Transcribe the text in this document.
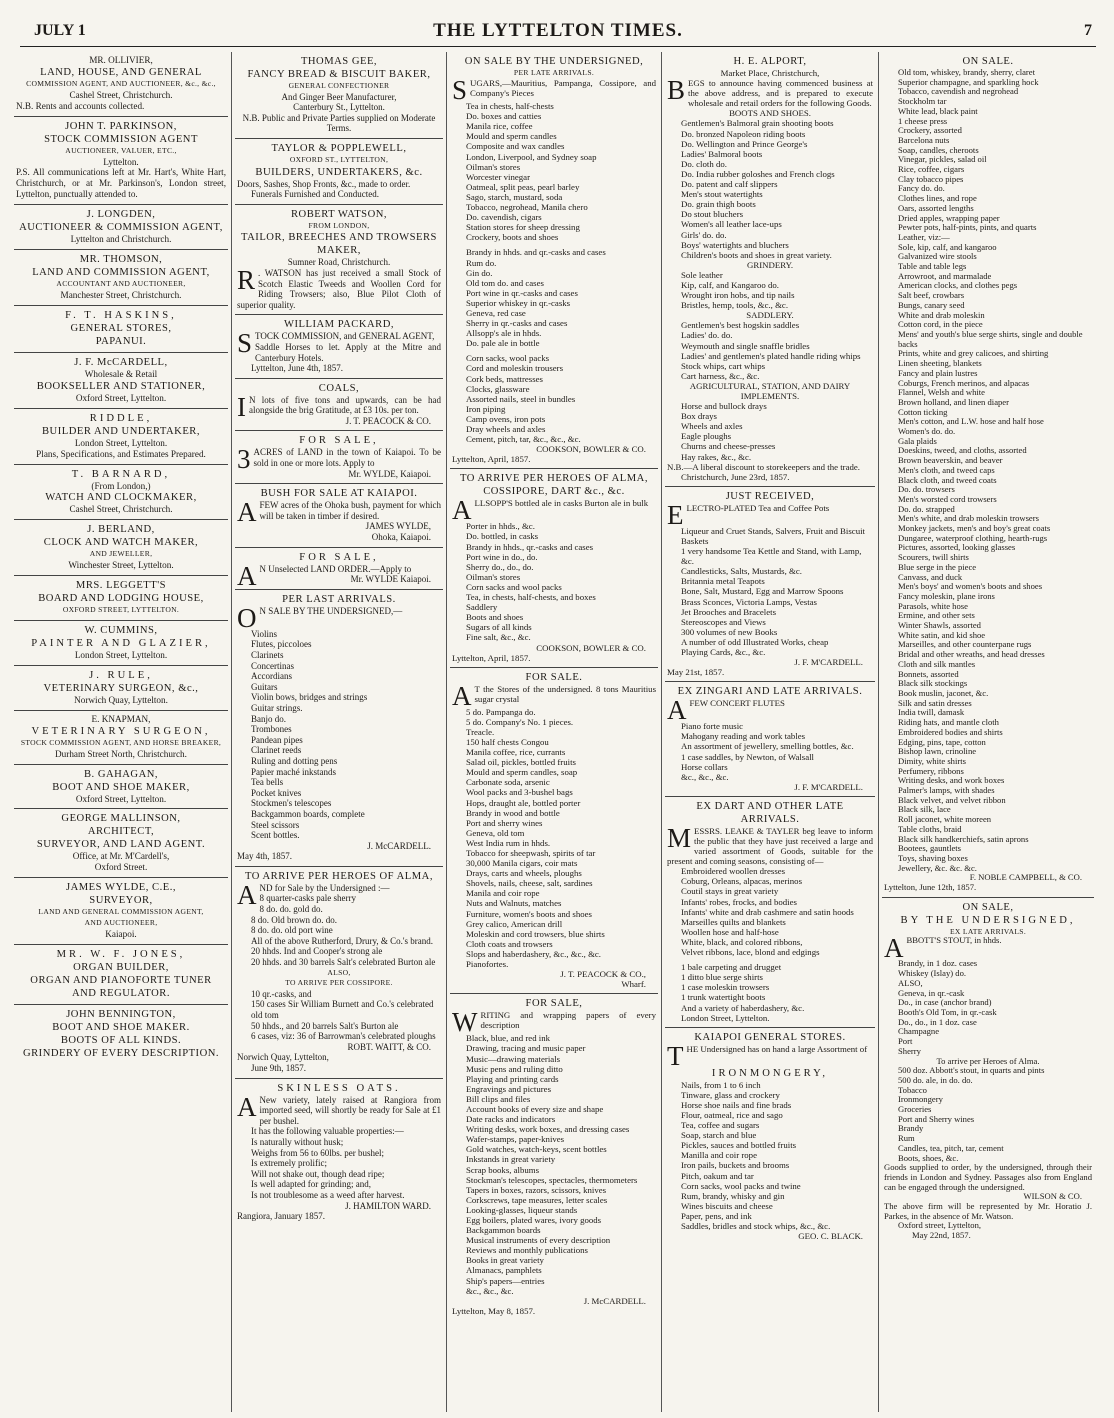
JULY 1	THE LYTTELTON TIMES.	7
MR. OLLIVIER,
LAND, HOUSE, AND GENERAL
COMMISSION AGENT, AND AUCTIONEER, &c., &c.,
Cashel Street, Christchurch.
N.B. Rents and accounts collected.
JOHN T. PARKINSON,
STOCK COMMISSION AGENT
AUCTIONEER, VALUER, ETC.,
Lyttelton.
P.S. All communications left at Mr. Hart's, White Hart, Christchurch, or at Mr. Parkinson's, London street, Lyttelton, punctually attended to.
J. LONGDEN,
AUCTIONEER & COMMISSION AGENT,
Lyttelton and Christchurch.
MR. THOMSON,
LAND AND COMMISSION AGENT,
ACCOUNTANT AND AUCTIONEER,
Manchester Street, Christchurch.
F. T. HASKINS,
GENERAL STORES,
PAPANUI.
J. F. McCARDELL,
Wholesale & Retail
BOOKSELLER AND STATIONER,
Oxford Street, Lyttelton.
RIDDLE,
BUILDER AND UNDERTAKER,
London Street, Lyttelton.
Plans, Specifications, and Estimates Prepared.
T. BARNARD,
(From London,)
WATCH AND CLOCKMAKER,
Cashel Street, Christchurch.
J. BERLAND,
CLOCK AND WATCH MAKER,
AND JEWELLER,
Winchester Street, Lyttelton.
MRS. LEGGETT'S
BOARD AND LODGING HOUSE,
OXFORD STREET, LYTTELTON.
W. CUMMINS,
PAINTER AND GLAZIER,
London Street, Lyttelton.
J. RULE,
VETERINARY SURGEON, &c.,
Norwich Quay, Lyttelton.
E. KNAPMAN,
VETERINARY SURGEON,
STOCK COMMISSION AGENT, AND HORSE BREAKER,
Durham Street North, Christchurch.
B. GAHAGAN,
BOOT AND SHOE MAKER,
Oxford Street, Lyttelton.
GEORGE MALLINSON,
ARCHITECT,
SURVEYOR, AND LAND AGENT.
Office, at Mr. M'Cardell's,
Oxford Street.
JAMES WYLDE, C.E.,
SURVEYOR,
LAND AND GENERAL COMMISSION AGENT,
AND AUCTIONEER,
Kaiapoi.
MR. W. F. JONES,
ORGAN BUILDER,
ORGAN AND PIANOFORTE TUNER
AND REGULATOR.
JOHN BENNINGTON,
BOOT AND SHOE MAKER.
BOOTS OF ALL KINDS.
GRINDERY OF EVERY DESCRIPTION.
THOMAS GEE,
FANCY BREAD & BISCUIT BAKER,
GENERAL CONFECTIONER
And Ginger Beer Manufacturer,
Canterbury St., Lyttelton.
N.B. Public and Private Parties supplied on Moderate Terms.
TAYLOR & POPPLEWELL,
OXFORD ST., LYTTELTON,
BUILDERS, UNDERTAKERS, &c.
Doors, Sashes, Shop Fronts, &c., made to order.
Funerals Furnished and Conducted.
ROBERT WATSON,
FROM LONDON,
TAILOR, BREECHES AND TROWSERS
MAKER,
Sumner Road, Christchurch.
R . WATSON has just received a small Stock of Scotch Elastic Tweeds and Woollen Cord for Riding Trowsers; also, Blue Pilot Cloth of superior quality.
WILLIAM PACKARD,
STOCK COMMISSION, and GENERAL AGENT,
Saddle Horses to let. Apply at the Mitre and Canterbury Hotels.
Lyttelton, June 4th, 1857.
COALS,
I N lots of five tons and upwards, can be had alongside the brig Gratitude, at £3 10s. per ton.
J. T. PEACOCK & CO.
FOR SALE,
3 ACRES of LAND in the town of Kaiapoi. To be sold in one or more lots. Apply to
Mr. WYLDE, Kaiapoi.
BUSH FOR SALE AT KAIAPOI.
AFEW acres of the Ohoka bush, payment for which will be taken in timber if desired.
JAMES WYLDE,
Ohoka, Kaiapoi.
FOR SALE,
A N Unselected LAND ORDER.—Apply to
Mr. WYLDE Kaiapoi.
PER LAST ARRIVALS.
O N SALE BY THE UNDERSIGNED,—
Violins
Flutes, piccoloes
Clarinets
Concertinas
Accordians
Guitars
Violin bows, bridges and strings
Guitar strings.
Banjo do.
Trombones
Pandean pipes
Clarinet reeds
Ruling and dotting pens
Papier maché inkstands
Tea bells
Pocket knives
Stockmen's telescopes
Backgammon boards, complete
Steel scissors
Scent bottles.
J. McCARDELL.
May 4th, 1857.
TO ARRIVE PER HEROES OF ALMA,
AND for Sale by the Undersigned :—
8 quarter-casks pale sherry
8 do. do. gold do.
8 do. Old brown do. do.
8 do. do. old port wine
All of the above Rutherford, Drury, & Co.'s brand.
20 hhds. Ind and Cooper's strong ale
20 hhds. and 30 barrels Salt's celebrated Burton ale
ALSO,
TO ARRIVE PER COSSIPORE.
10 qr.-casks, and
150 cases Sir William Burnett and Co.'s celebrated old tom
50 hhds., and 20 barrels Salt's Burton ale
6 cases, viz: 36 of Barrowman's celebrated ploughs
ROBT. WAITT, & CO.
Norwich Quay, Lyttelton,
June 9th, 1857.
SKINLESS OATS.
A New variety, lately raised at Rangiora from imported seed, will shortly be ready for Sale at £1 per bushel.
It has the following valuable properties:—
Is naturally without husk;
Weighs from 56 to 60lbs. per bushel;
Is extremely prolific;
Will not shake out, though dead ripe;
Is well adapted for grinding; and,
Is not troublesome as a weed after harvest.
J. HAMILTON WARD.
Rangiora, January 1857.
ON SALE BY THE UNDERSIGNED,
PER LATE ARRIVALS.
SUGARS,—Mauritius, Pampanga, Cossipore, and Company's Pieces
Tea in chests, half-chests
Do. boxes and catties
Manila rice, coffee
Mould and sperm candles
Composite and wax candles
London, Liverpool, and Sydney soap
Oilman's stores
Worcester vinegar
Oatmeal, split peas, pearl barley
Sago, starch, mustard, soda
Tobacco, negrohead, Manila chero
Do. cavendish, cigars
Station stores for sheep dressing
Crockery, boots and shoes
Brandy in hhds. and qr.-casks and cases
Rum do.
Gin do.
Old tom do. and cases
Port wine in qr.-casks and cases
Superior whiskey in qr.-casks
Geneva, red case
Sherry in qr.-casks and cases
Allsopp's ale in hhds.
Do. pale ale in bottle
Corn sacks, wool packs
Cord and moleskin trousers
Cork beds, mattresses
Clocks, glassware
Assorted nails, steel in bundles
Iron piping
Camp ovens, iron pots
Dray wheels and axles
Cement, pitch, tar, &c., &c., &c.
COOKSON, BOWLER & CO.
Lyttelton, April, 1857.
TO ARRIVE PER HEROES OF ALMA, COSSIPORE, DART &c., &c.
ALLSOPP'S bottled ale in casks Burton ale in bulk
Porter in hhds., &c.
Do. bottled, in casks
Brandy in hhds., qr.-casks and cases
Port wine in do., do.
Sherry do., do., do.
Oilman's stores
Corn sacks and wool packs
Tea, in chests, half-chests, and boxes
Saddlery
Boots and shoes
Sugars of all kinds
Fine salt, &c., &c.
COOKSON, BOWLER & CO.
Lyttelton, April, 1857.
FOR SALE.
A T the Stores of the undersigned. 8 tons Mauritius sugar crystal
5 do. Pampanga do.
5 do. Company's No. 1 pieces.
Treacle.
150 half chests Congou
Manila coffee, rice, currants
Salad oil, pickles, bottled fruits
Mould and sperm candles, soap
Carbonate soda, arsenic
Wool packs and 3-bushel bags
Hops, draught ale, bottled porter
Brandy in wood and bottle
Port and sherry wines
Geneva, old tom
West India rum in hhds.
Tobacco for sheepwash, spirits of tar
30,000 Manila cigars, coir mats
Drays, carts and wheels, ploughs
Shovels, nails, cheese, salt, sardines
Manila and coir rope
Nuts and Walnuts, matches
Furniture, women's boots and shoes
Grey calico, American drill
Moleskin and cord trowsers, blue shirts
Cloth coats and trowsers
Slops and haberdashery, &c., &c., &c.
Pianofortes.
J. T. PEACOCK & CO.,
Wharf.
FOR SALE,
WRITING and wrapping papers of every description
Black, blue, and red ink
Drawing, tracing and music paper
Music—drawing materials
Music pens and ruling ditto
Playing and printing cards
Engravings and pictures
Bill clips and files
Account books of every size and shape
Date racks and indicators
Writing desks, work boxes, and dressing cases
Wafer-stamps, paper-knives
Gold watches, watch-keys, scent bottles
Inkstands in great variety
Scrap books, albums
Stockman's telescopes, spectacles, thermometers
Tapers in boxes, razors, scissors, knives
Corkscrews, tape measures, letter scales
Looking-glasses, liqueur stands
Egg boilers, plated wares, ivory goods
Backgammon boards
Musical instruments of every description
Reviews and monthly publications
Books in great variety
Almanacs, pamphlets
Ship's papers—entries
&c., &c., &c.
J. McCARDELL.
Lyttelton, May 8, 1857.
H. E. ALPORT,
Market Place, Christchurch,
BEGS to announce having commenced business at the above address, and is prepared to execute wholesale and retail orders for the following Goods.
BOOTS AND SHOES.
Gentlemen's Balmoral grain shooting boots
Do. bronzed Napoleon riding boots
Do. Wellington and Prince George's
Ladies' Balmoral boots
Do. cloth do.
Do. India rubber goloshes and French clogs
Do. patent and calf slippers
Men's stout watertights
Do. grain thigh boots
Do stout bluchers
Women's all leather lace-ups
Girls' do. do.
Boys' watertights and bluchers
Children's boots and shoes in great variety.
GRINDERY.
Sole leather
Kip, calf, and Kangaroo do.
Wrought iron hobs, and tip nails
Bristles, hemp, tools, &c., &c.
SADDLERY.
Gentlemen's best hogskin saddles
Ladies' do. do.
Weymouth and single snaffle bridles
Ladies' and gentlemen's plated handle riding whips
Stock whips, cart whips
Cart harness, &c., &c.
AGRICULTURAL, STATION, AND DAIRY IMPLEMENTS.
Horse and bullock drays
Box drays
Wheels and axles
Eagle ploughs
Churns and cheese-presses
Hay rakes, &c., &c.
N.B.—A liberal discount to storekeepers and the trade.
Christchurch, June 23rd, 1857.
JUST RECEIVED,
ELECTRO-PLATED Tea and Coffee Pots
Liqueur and Cruet Stands, Salvers, Fruit and Biscuit Baskets
1 very handsome Tea Kettle and Stand, with Lamp, &c.
Candlesticks, Salts, Mustards, &c.
Britannia metal Teapots
Bone, Salt, Mustard, Egg and Marrow Spoons
Brass Sconces, Victoria Lamps, Vestas
Jet Brooches and Bracelets
Stereoscopes and Views
300 volumes of new Books
A number of odd Illustrated Works, cheap
Playing Cards, &c., &c.
J. F. M'CARDELL.
May 21st, 1857.
EX ZINGARI AND LATE ARRIVALS.
AFEW CONCERT FLUTES
Piano forte music
Mahogany reading and work tables
An assortment of jewellery, smelling bottles, &c.
1 case saddles, by Newton, of Walsall
Horse collars
&c., &c., &c.
J. F. M'CARDELL.
EX DART AND OTHER LATE ARRIVALS.
MESSRS. LEAKE & TAYLER beg leave to inform the public that they have just received a large and varied assortment of Goods, suitable for the present and coming seasons, consisting of—
Embroidered woollen dresses
Coburg, Orleans, alpacas, merinos
Coutil stays in great variety
Infants' robes, frocks, and bodies
Infants' white and drab cashmere and satin hoods
Marseilles quilts and blankets
Woollen hose and half-hose
White, black, and colored ribbons,
Velvet ribbons, lace, blond and edgings
1 bale carpeting and drugget
1 ditto blue serge shirts
1 case moleskin trowsers
1 trunk watertight boots
And a variety of haberdashery, &c.
London Street, Lyttelton.
KAIAPOI GENERAL STORES.
THE Undersigned has on hand a large Assortment of
IRONMONGERY,
Nails, from 1 to 6 inch
Tinware, glass and crockery
Horse shoe nails and fine brads
Flour, oatmeal, rice and sago
Tea, coffee and sugars
Soap, starch and blue
Pickles, sauces and bottled fruits
Manilla and coir rope
Iron pails, buckets and brooms
Pitch, oakum and tar
Corn sacks, wool packs and twine
Rum, brandy, whisky and gin
Wines biscuits and cheese
Paper, pens, and ink
Saddles, bridles and stock whips, &c., &c.
GEO. C. BLACK.
ON SALE.
Old tom, whiskey, brandy, sherry, claret
Superior champagne, and sparkling hock
Tobacco, cavendish and negrohead
Stockholm tar
White lead, black paint
1 cheese press
Crockery, assorted
Barcelona nuts
Soap, candles, cheroots
Vinegar, pickles, salad oil
Rice, coffee, cigars
Clay tobacco pipes
Fancy do. do.
Clothes lines, and rope
Oars, assorted lengths
Dried apples, wrapping paper
Pewter pots, half-pints, pints, and quarts
Leather, viz:—
Sole, kip, calf, and kangaroo
Galvanized wire stools
Table and table legs
Arrowroot, and marmalade
American clocks, and clothes pegs
Salt beef, crowbars
Bungs, canary seed
White and drab moleskin
Cotton cord, in the piece
Mens' and youth's blue serge shirts, single and double backs
Prints, white and grey calicoes, and shirting
Linen sheeting, blankets
Fancy and plain lustres
Coburgs, French merinos, and alpacas
Flannel, Welsh and white
Brown holland, and linen diaper
Cotton ticking
Men's cotton, and L.W. hose and half hose
Women's do. do.
Gala plaids
Doeskins, tweed, and cloths, assorted
Brown beaverskin, and beaver
Men's cloth, and tweed caps
Black cloth, and tweed coats
Do. do. trowsers
Men's worsted cord trowsers
Do. do. strapped
Men's white, and drab moleskin trowsers
Monkey jackets, men's and boy's great coats
Dungaree, waterproof clothing, hearth-rugs
Pictures, assorted, looking glasses
Scourers, twill shirts
Blue serge in the piece
Canvass, and duck
Men's boys' and women's boots and shoes
Fancy moleskin, plane irons
Parasols, white hose
Ermine, and other sets
Winter Shawls, assorted
White satin, and kid shoe
Marseilles, and other counterpane rugs
Bridal and other wreaths, and head dresses
Cloth and silk mantles
Bonnets, assorted
Black silk stockings
Book muslin, jaconet, &c.
Silk and satin dresses
India twill, damask
Riding hats, and mantle cloth
Embroidered bodies and shirts
Edging, pins, tape, cotton
Bishop lawn, crinoline
Dimity, white shirts
Perfumery, ribbons
Writing desks, and work boxes
Palmer's lamps, with shades
Black velvet, and velvet ribbon
Black silk, lace
Roll jaconet, white moreen
Table cloths, braid
Black silk handkerchiefs, satin aprons
Bootees, gauntlets
Toys, shaving boxes
Jewellery, &c. &c. &c.
F. NOBLE CAMPBELL, & CO.
Lyttelton, June 12th, 1857.
ON SALE,
BY THE UNDERSIGNED,
EX LATE ARRIVALS.
ABBOTT'S STOUT, in hhds.
Brandy, in 1 doz. cases
Whiskey (Islay) do.
ALSO,
Geneva, in qr.-cask
Do., in case (anchor brand)
Booth's Old Tom, in qr.-cask
Do., do., in 1 doz. case
Champagne
Port
Sherry
To arrive per Heroes of Alma.
500 doz. Abbott's stout, in quarts and pints
500 do. ale, in do. do.
Tobacco
Ironmongery
Groceries
Port and Sherry wines
Brandy
Rum
Candles, tea, pitch, tar, cement
Boots, shoes, &c.
Goods supplied to order, by the undersigned, through their friends in London and Sydney. Passages also from England can be engaged through the undersigned.
WILSON & CO.
The above firm will be represented by Mr. Horatio J. Parkes, in the absence of Mr. Watson.
Oxford street, Lyttelton,
May 22nd, 1857.
